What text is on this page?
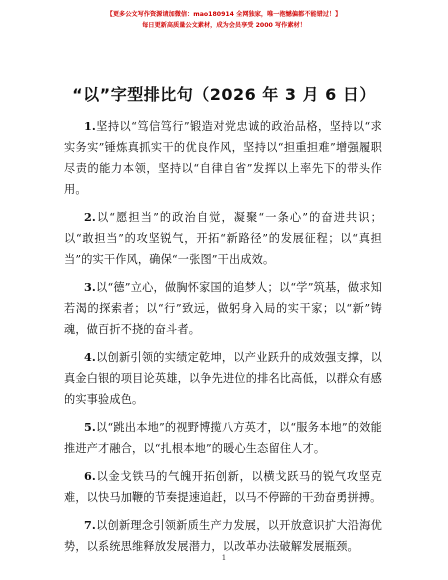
【更多公文写作资源请加微信：mao180914 全网独家，唯一抱憾偏都不能错过！】
每日更新高质量公文素材，成为会员享受 2000 写作素材！
“以”字型排比句（2026 年 3 月 6 日）

1.坚持以“笃信笃行”锻造对党忠诚的政治品格，坚持以“求实务实”锤炼真抓实干的优良作风，坚持以“担重担难”增强履职尽责的能力本领，坚持以“自律自省”发挥以上率先下的带头作用。

2.以“愿担当”的政治自觉，凝聚“一条心”的奋进共识；以“敢担当”的攻坚锐气，开拓“新路径”的发展征程；以“真担当”的实干作风，确保“一张图”干出成效。

3.以“德”立心，做胸怀家国的追梦人；以“学”筑基，做求知若渴的探索者；以“行”致远，做躬身入局的实干家；以“新”铸魂，做百折不挠的奋斗者。

4.以创新引领的实绩定乾坤，以产业跃升的成效强支撑，以真金白银的项目论英雄，以争先进位的排名比高低，以群众有感的实事验成色。

5.以“跳出本地”的视野博揽八方英才，以“服务本地”的效能推进产才融合，以“扎根本地”的暖心生态留住人才。

6.以金戈铁马的气魄开拓创新，以横戈跃马的锐气攻坚克难，以快马加鞭的节奏提速追赶，以马不停蹄的干劲奋勇拼搏。

7.以创新理念引领新质生产力发展，以开放意识扩大沿海优势，以系统思维释放发展潜力，以改革办法破解发展瓶颈。

1
